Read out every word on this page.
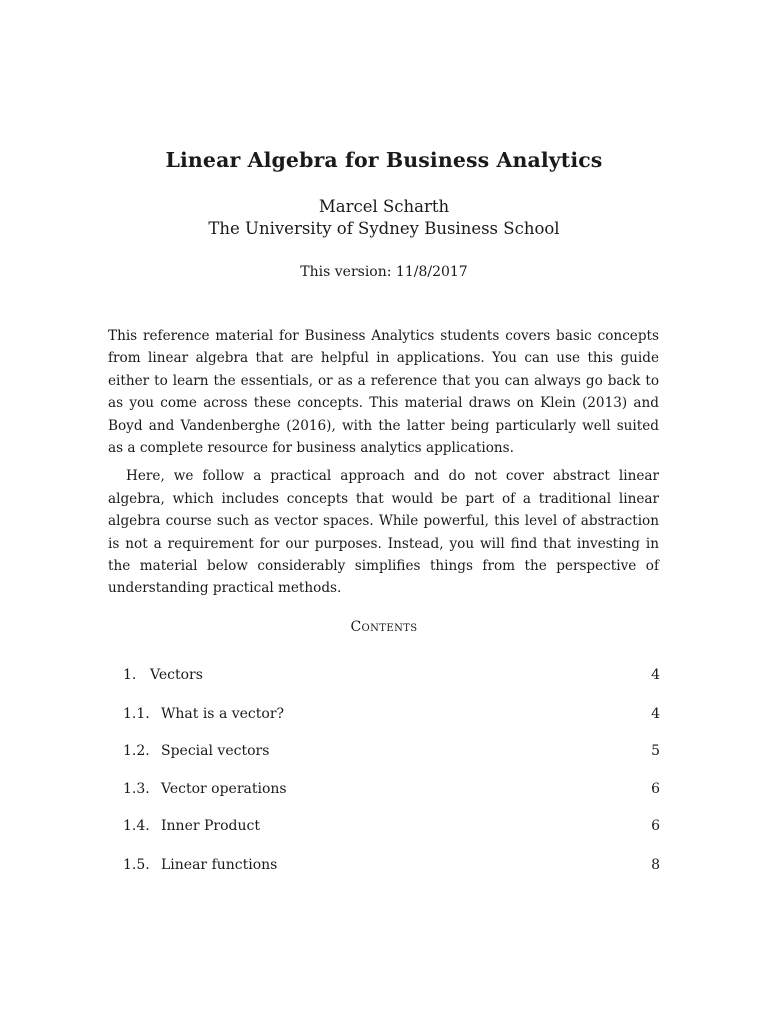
Linear Algebra for Business Analytics
Marcel Scharth
The University of Sydney Business School
This version: 11/8/2017

This reference material for Business Analytics students covers basic concepts from linear algebra that are helpful in applications. You can use this guide either to learn the essentials, or as a reference that you can always go back to as you come across these concepts. This material draws on Klein (2013) and Boyd and Vandenberghe (2016), with the latter being particularly well suited as a complete resource for business analytics applications.

Here, we follow a practical approach and do not cover abstract linear algebra, which includes concepts that would be part of a traditional linear algebra course such as vector spaces. While powerful, this level of abstraction is not a requirement for our purposes. Instead, you will find that investing in the material below considerably simplifies things from the perspective of understanding practical methods.

Contents
1. Vectors	4
1.1. What is a vector?	4
1.2. Special vectors	5
1.3. Vector operations	6
1.4. Inner Product	6
1.5. Linear functions	8
